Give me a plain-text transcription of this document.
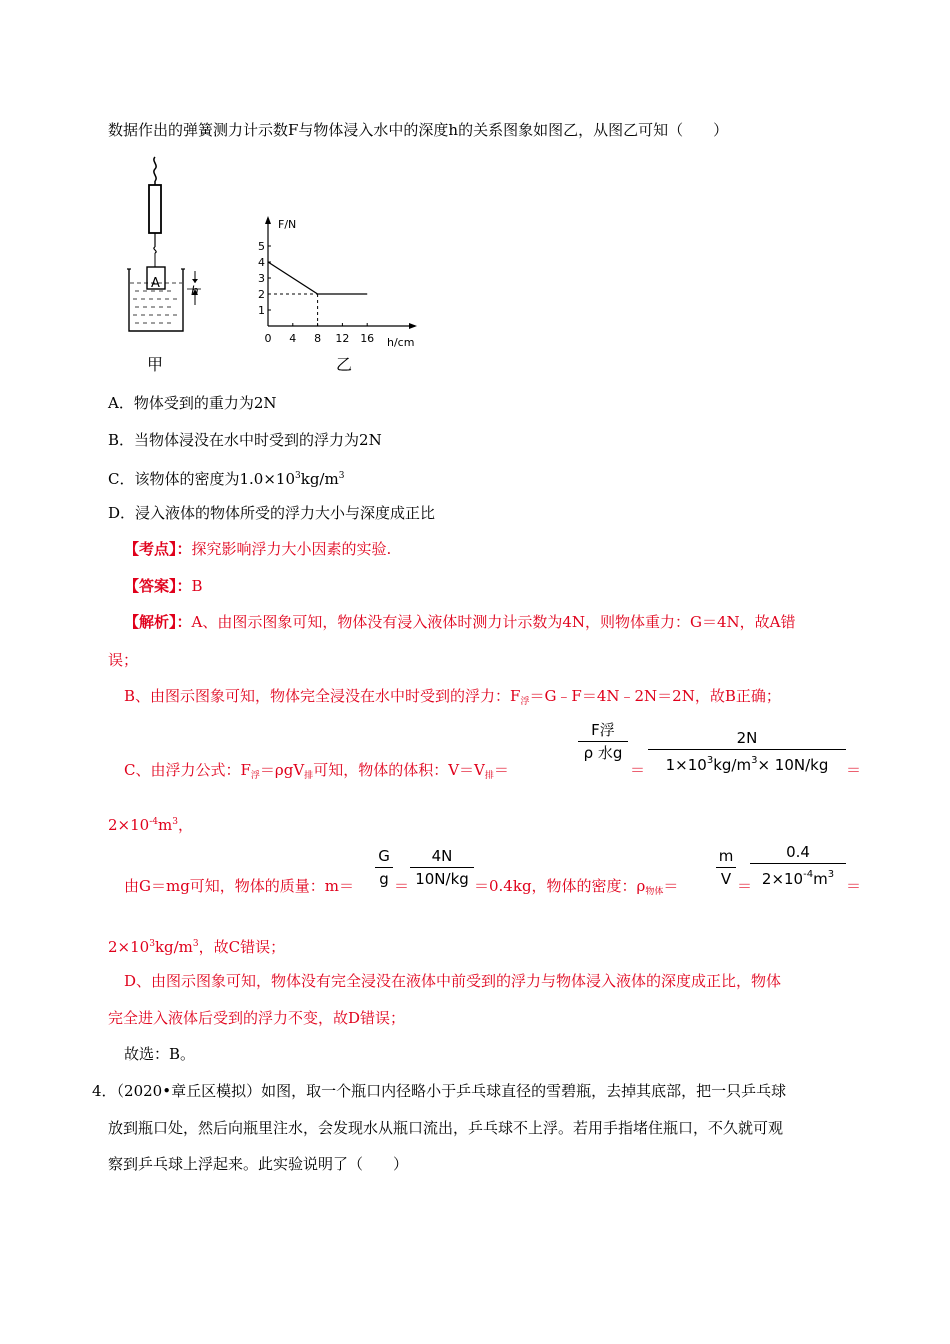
数据作出的弹簧测力计示数F与物体浸入水中的深度h的关系图象如图乙，从图乙可知（　　）
A	h
甲
F/N
h/cm
1
2
3
4
5
0 4 8 12 16
乙
A．物体受到的重力为2N
B．当物体浸没在水中时受到的浮力为2N
C．该物体的密度为$1.0\times 10^3kg/m^3$
D．浸入液体的物体所受的浮力大小与深度成正比
【考点】：探究影响浮力大小因素的实验.
【答案】：B
【解析】：A、由图示图象可知，物体没有浸入液体时测力计示数为4N，则物体重力：G＝4N，故A错
误；
B、由图示图象可知，物体完全浸没在水中时受到的浮力：$F_浮=G﹣F=4N﹣2N=2N$，故B正确；
C、由浮力公式：$F_浮=\rho gV_排$可知，物体的体积：$V=V_排=$
F浮
ρ 水g
＝
2N
$1\times 10^3kg/m^3\times 10N/kg$	＝
$2\times 10^{-4}m^3$，
由G＝mg可知，物体的质量：m＝
G
g ＝
4N
10N/kg ＝0.4kg，物体的密度：$\rho_{物体}=$
m
V ＝
0.4
$2\times 10^{-4}m^3$
＝
$2\times 10^3kg/m^3$，故C错误；
D、由图示图象可知，物体没有完全浸没在液体中前受到的浮力与物体浸入液体的深度成正比，物体
完全进入液体后受到的浮力不变，故D错误；
故选：B。
4．（2020•章丘区模拟）如图，取一个瓶口内径略小于乒乓球直径的雪碧瓶，去掉其底部，把一只乒乓球
放到瓶口处，然后向瓶里注水，会发现水从瓶口流出，乒乓球不上浮。若用手指堵住瓶口，不久就可观
察到乒乓球上浮起来。此实验说明了（　　）
